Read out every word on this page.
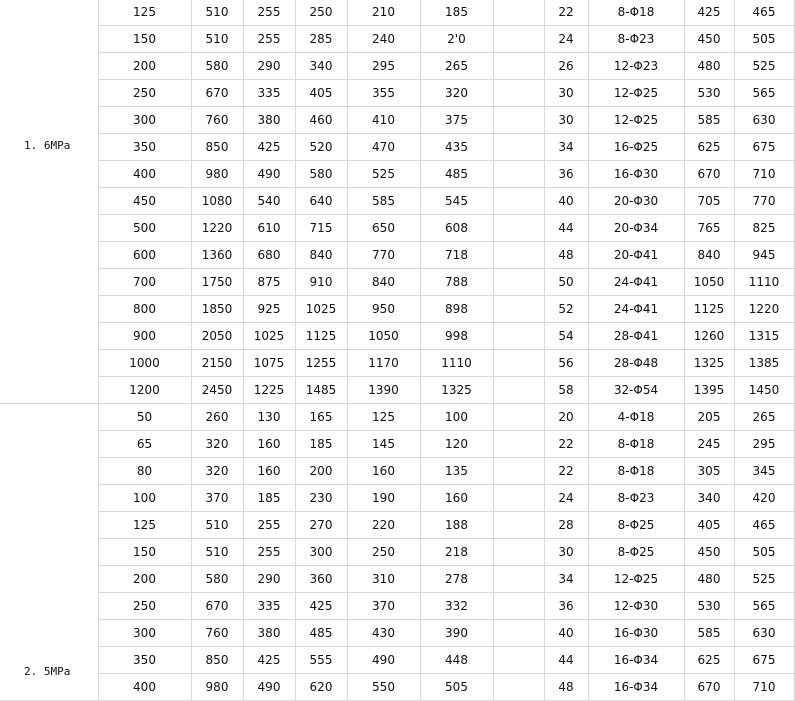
1. 6MPa	125	510	255	250	210	185		22	8-Φ18	425	465
	150	510	255	285	240	2'0		24	8-Φ23	450	505
	200	580	290	340	295	265		26	12-Φ23	480	525
	250	670	335	405	355	320		30	12-Φ25	530	565
	300	760	380	460	410	375		30	12-Φ25	585	630
	350	850	425	520	470	435		34	16-Φ25	625	675
	400	980	490	580	525	485		36	16-Φ30	670	710
	450	1080	540	640	585	545		40	20-Φ30	705	770
	500	1220	610	715	650	608		44	20-Φ34	765	825
	600	1360	680	840	770	718		48	20-Φ41	840	945
	700	1750	875	910	840	788		50	24-Φ41	1050	1110
	800	1850	925	1025	950	898		52	24-Φ41	1125	1220
	900	2050	1025	1125	1050	998		54	28-Φ41	1260	1315
	1000	2150	1075	1255	1170	1110		56	28-Φ48	1325	1385
	1200	2450	1225	1485	1390	1325		58	32-Φ54	1395	1450
2. 5MPa	50	260	130	165	125	100		20	4-Φ18	205	265
	65	320	160	185	145	120		22	8-Φ18	245	295
	80	320	160	200	160	135		22	8-Φ18	305	345
	100	370	185	230	190	160		24	8-Φ23	340	420
	125	510	255	270	220	188		28	8-Φ25	405	465
	150	510	255	300	250	218		30	8-Φ25	450	505
	200	580	290	360	310	278		34	12-Φ25	480	525
	250	670	335	425	370	332		36	12-Φ30	530	565
	300	760	380	485	430	390		40	16-Φ30	585	630
	350	850	425	555	490	448		44	16-Φ34	625	675
	400	980	490	620	550	505		48	16-Φ34	670	710
